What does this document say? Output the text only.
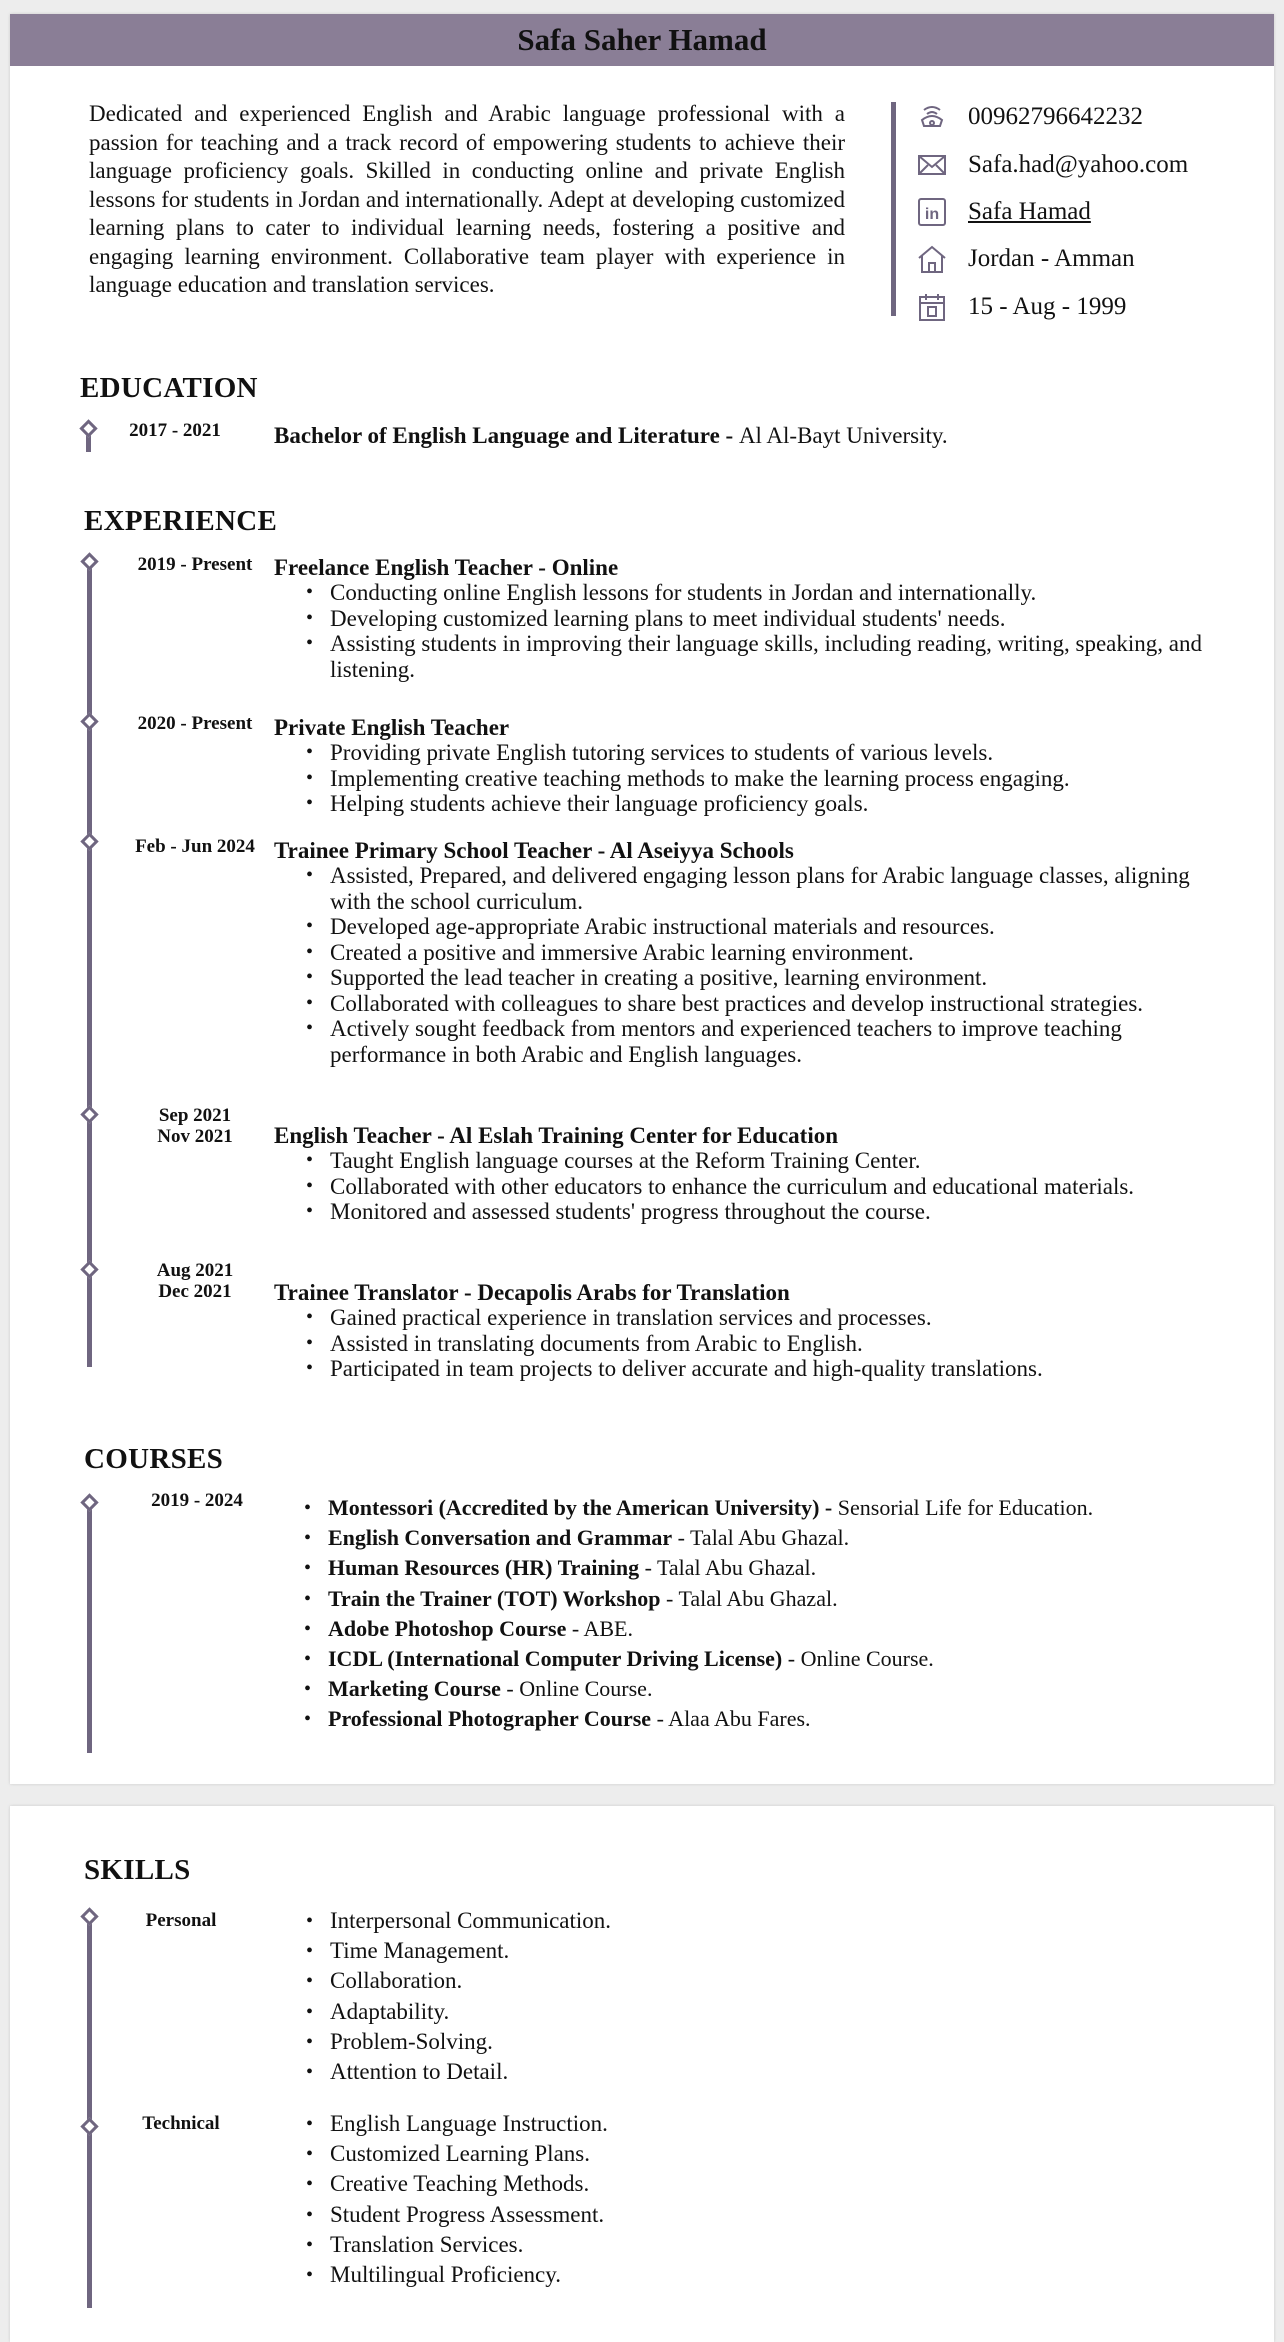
Safa Saher Hamad

Dedicated and experienced English and Arabic language professional with a passion for teaching and a track record of empowering students to achieve their language proficiency goals. Skilled in conducting online and private English lessons for students in Jordan and internationally. Adept at developing customized learning plans to cater to individual learning needs, fostering a positive and engaging learning environment. Collaborative team player with experience in language education and translation services.

00962796642232
Safa.had@yahoo.com
in Safa Hamad
Jordan - Amman
15 - Aug - 1999
EDUCATION
2017 - 2021	Bachelor of English Language and Literature - Al Al-Bayt University.
EXPERIENCE
2019 - Present Freelance English Teacher - Online
• Conducting online English lessons for students in Jordan and internationally.
• Developing customized learning plans to meet individual students' needs.
• Assisting students in improving their language skills, including reading, writing, speaking, and listening.
2020 - Present Private English Teacher
• Providing private English tutoring services to students of various levels.
• Implementing creative teaching methods to make the learning process engaging.
• Helping students achieve their language proficiency goals.
Feb - Jun 2024 Trainee Primary School Teacher - Al Aseiyya Schools
• Assisted, Prepared, and delivered engaging lesson plans for Arabic language classes, aligning with the school curriculum.
• Developed age-appropriate Arabic instructional materials and resources.
• Created a positive and immersive Arabic learning environment.
• Supported the lead teacher in creating a positive, learning environment.
• Collaborated with colleagues to share best practices and develop instructional strategies.
• Actively sought feedback from mentors and experienced teachers to improve teaching performance in both Arabic and English languages.
Sep 2021
Nov 2021	English Teacher - Al Eslah Training Center for Education
• Taught English language courses at the Reform Training Center.
• Collaborated with other educators to enhance the curriculum and educational materials.
• Monitored and assessed students' progress throughout the course.
Aug 2021
Dec 2021	Trainee Translator - Decapolis Arabs for Translation
• Gained practical experience in translation services and processes.
• Assisted in translating documents from Arabic to English.
• Participated in team projects to deliver accurate and high-quality translations.
COURSES
2019 - 2024	• Montessori (Accredited by the American University) - Sensorial Life for Education.
• English Conversation and Grammar - Talal Abu Ghazal.
• Human Resources (HR) Training - Talal Abu Ghazal.
• Train the Trainer (TOT) Workshop - Talal Abu Ghazal.
• Adobe Photoshop Course - ABE.
• ICDL (International Computer Driving License) - Online Course.
• Marketing Course - Online Course.
• Professional Photographer Course - Alaa Abu Fares.
SKILLS
Personal	• Interpersonal Communication.
• Time Management.
• Collaboration.
• Adaptability.
• Problem-Solving.
• Attention to Detail.
Technical	• English Language Instruction.
• Customized Learning Plans.
• Creative Teaching Methods.
• Student Progress Assessment.
• Translation Services.
• Multilingual Proficiency.
